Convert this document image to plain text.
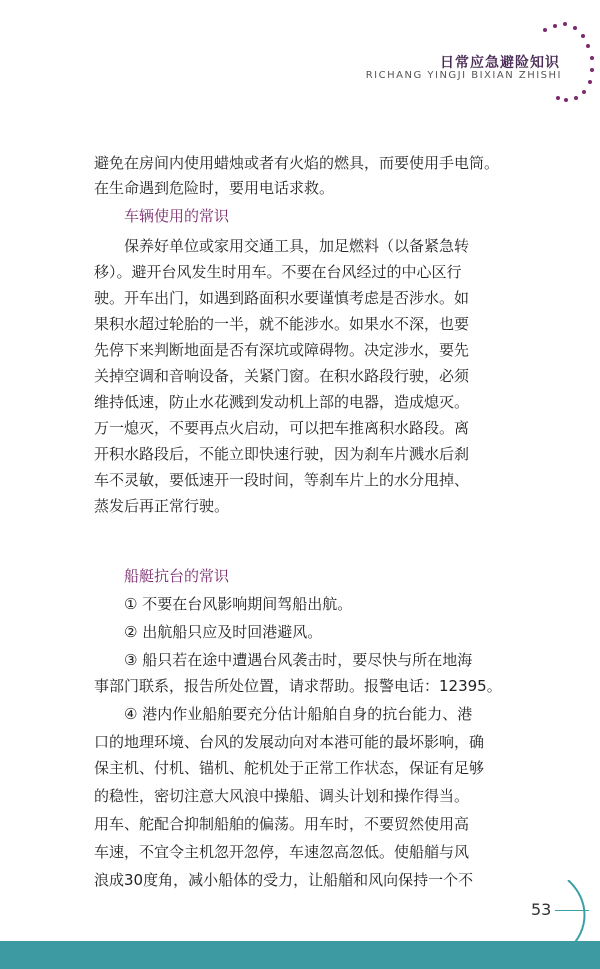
日常应急避险知识
RICHANG YINGJI BIXIAN ZHISHI
避免在房间内使用蜡烛或者有火焰的燃具，而要使用手电筒。
在生命遇到危险时，要用电话求救。
车辆使用的常识
保养好单位或家用交通工具，加足燃料（以备紧急转
移）。避开台风发生时用车。不要在台风经过的中心区行
驶。开车出门，如遇到路面积水要谨慎考虑是否涉水。如
果积水超过轮胎的一半，就不能涉水。如果水不深，也要
先停下来判断地面是否有深坑或障碍物。决定涉水，要先
关掉空调和音响设备，关紧门窗。在积水路段行驶，必须
维持低速，防止水花溅到发动机上部的电器，造成熄灭。
万一熄灭，不要再点火启动，可以把车推离积水路段。离
开积水路段后，不能立即快速行驶，因为刹车片溅水后刹
车不灵敏，要低速开一段时间，等刹车片上的水分甩掉、
蒸发后再正常行驶。
船艇抗台的常识
① 不要在台风影响期间驾船出航。
② 出航船只应及时回港避风。
③ 船只若在途中遭遇台风袭击时，要尽快与所在地海
事部门联系，报告所处位置，请求帮助。报警电话：12395。
④ 港内作业船舶要充分估计船舶自身的抗台能力、港
口的地理环境、台风的发展动向对本港可能的最坏影响，确
保主机、付机、锚机、舵机处于正常工作状态，保证有足够
的稳性，密切注意大风浪中操船、调头计划和操作得当。
用车、舵配合抑制船舶的偏荡。用车时，不要贸然使用高
车速，不宜令主机忽开忽停，车速忽高忽低。使船艏与风
浪成30度角，减小船体的受力，让船艏和风向保持一个不
53
